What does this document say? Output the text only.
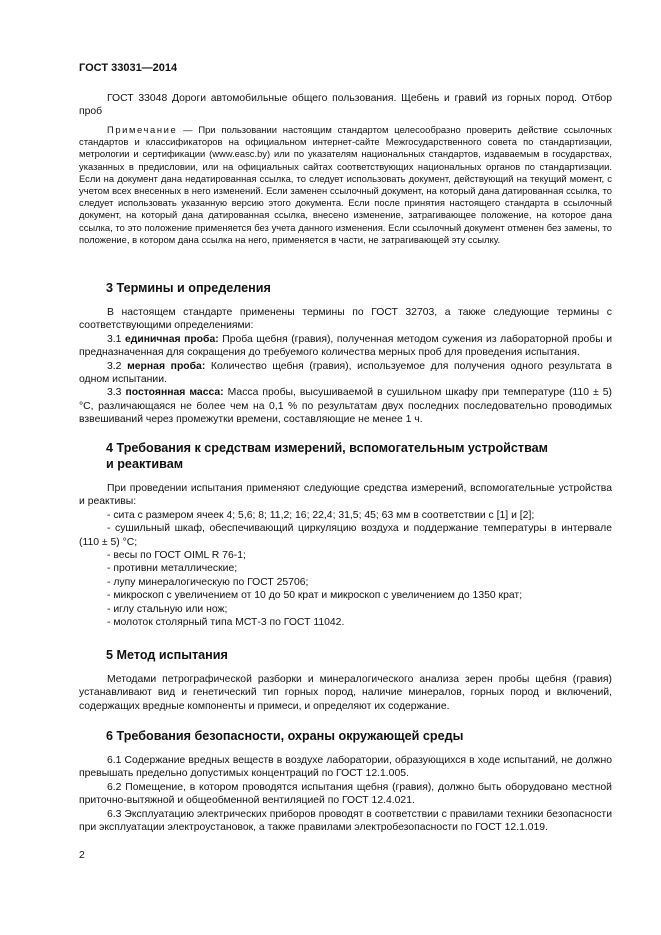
ГОСТ 33031—2014

ГОСТ 33048 Дороги автомобильные общего пользования. Щебень и гравий из горных пород. Отбор проб

Примечание — При пользовании настоящим стандартом целесообразно проверить действие ссылочных стандартов и классификаторов на официальном интернет-сайте Межгосударственного совета по стандартизации, метрологии и сертификации (www.easc.by) или по указателям национальных стандартов, издаваемым в государствах, указанных в предисловии, или на официальных сайтах соответствующих национальных органов по стандартизации. Если на документ дана недатированная ссылка, то следует использовать документ, действующий на текущий момент, с учетом всех внесенных в него изменений. Если заменен ссылочный документ, на который дана датированная ссылка, то следует использовать указанную версию этого документа. Если после принятия настоящего стандарта в ссылочный документ, на который дана датированная ссылка, внесено изменение, затрагивающее положение, на которое дана ссылка, то это положение применяется без учета данного изменения. Если ссылочный документ отменен без замены, то положение, в котором дана ссылка на него, применяется в части, не затрагивающей эту ссылку.

3 Термины и определения

В настоящем стандарте применены термины по ГОСТ 32703, а также следующие термины с соответствующими определениями:

3.1 единичная проба: Проба щебня (гравия), полученная методом сужения из лабораторной пробы и предназначенная для сокращения до требуемого количества мерных проб для проведения испытания.

3.2 мерная проба: Количество щебня (гравия), используемое для получения одного результата в одном испытании.

3.3 постоянная масса: Масса пробы, высушиваемой в сушильном шкафу при температуре (110 ± 5) °С, различающаяся не более чем на 0,1 % по результатам двух последних последовательно проводимых взвешиваний через промежутки времени, составляющие не менее 1 ч.

4 Требования к средствам измерений, вспомогательным устройствам
и реактивам

При проведении испытания применяют следующие средства измерений, вспомогательные устройства и реактивы:

- сита с размером ячеек 4; 5,6; 8; 11,2; 16; 22,4; 31,5; 45; 63 мм в соответствии с [1] и [2];

- сушильный шкаф, обеспечивающий циркуляцию воздуха и поддержание температуры в интервале (110 ± 5) °С;

- весы по ГОСТ OIML R 76-1;

- противни металлические;

- лупу минералогическую по ГОСТ 25706;

- микроскоп с увеличением от 10 до 50 крат и микроскоп с увеличением до 1350 крат;

- иглу стальную или нож;

- молоток столярный типа МСТ-3 по ГОСТ 11042.

5 Метод испытания

Методами петрографической разборки и минералогического анализа зерен пробы щебня (гравия) устанавливают вид и генетический тип горных пород, наличие минералов, горных пород и включений, содержащих вредные компоненты и примеси, и определяют их содержание.

6 Требования безопасности, охраны окружающей среды

6.1 Содержание вредных веществ в воздухе лаборатории, образующихся в ходе испытаний, не должно превышать предельно допустимых концентраций по ГОСТ 12.1.005.

6.2 Помещение, в котором проводятся испытания щебня (гравия), должно быть оборудовано местной приточно-вытяжной и общеобменной вентиляцией по ГОСТ 12.4.021.

6.3 Эксплуатацию электрических приборов проводят в соответствии с правилами техники безопасности при эксплуатации электроустановок, а также правилами электробезопасности по ГОСТ 12.1.019.

2
